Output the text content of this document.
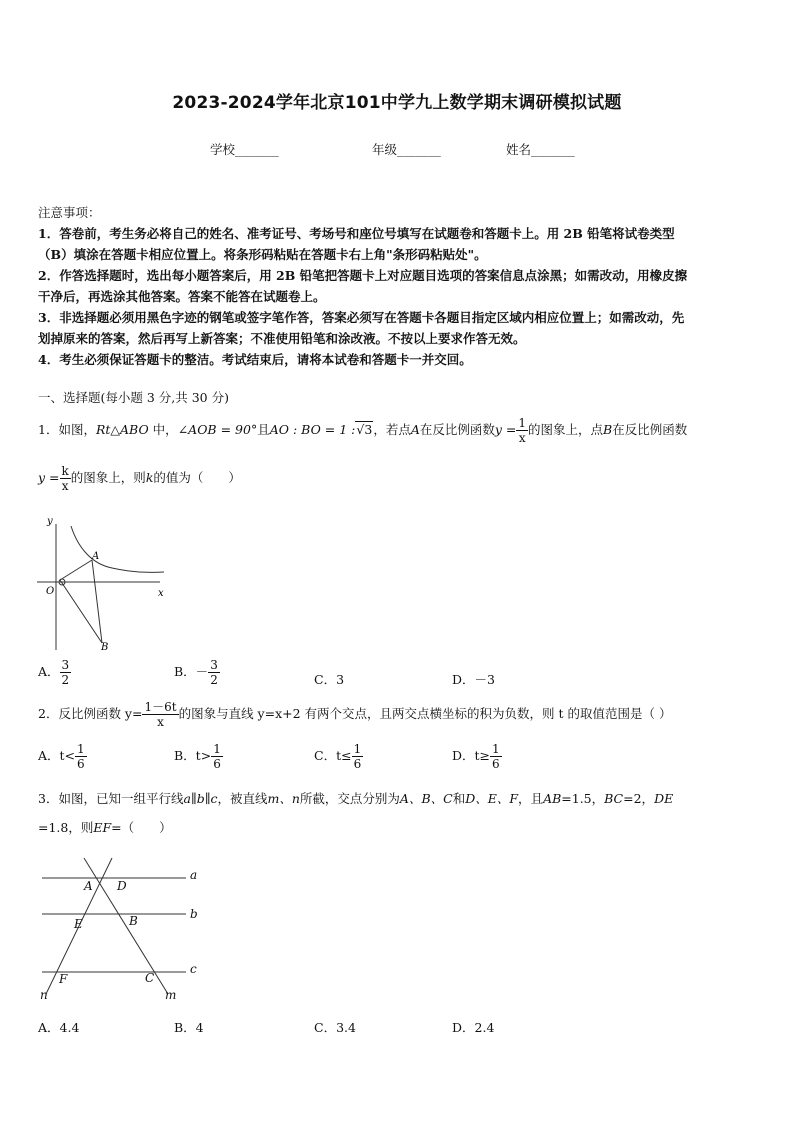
2023-2024学年北京101中学九上数学期末调研模拟试题
学校_______	年级_______	姓名_______
注意事项：
1．答卷前，考生务必将自己的姓名、准考证号、考场号和座位号填写在试题卷和答题卡上。用 2B 铅笔将试卷类型
（B）填涂在答题卡相应位置上。将条形码粘贴在答题卡右上角"条形码粘贴处"。
2．作答选择题时，选出每小题答案后，用 2B 铅笔把答题卡上对应题目选项的答案信息点涂黑；如需改动，用橡皮擦
干净后，再选涂其他答案。答案不能答在试题卷上。
3．非选择题必须用黑色字迹的钢笔或签字笔作答，答案必须写在答题卡各题目指定区域内相应位置上；如需改动，先
划掉原来的答案，然后再写上新答案；不准使用铅笔和涂改液。不按以上要求作答无效。
4．考生必须保证答题卡的整洁。考试结束后，请将本试卷和答题卡一并交回。
一、选择题(每小题 3 分,共 30 分)
1．如图，Rt△ABO 中，∠AOB = 90°且AO : BO = 1 :√3，若点A在反比例函数$y = \frac{1}{x}$ 的图象上，点B在反比例函数
$y = \frac{k}{x}$ 的图象上，则k的值为（　　）
y
x
O
A
B
A． $\frac{3}{2}$	B．－ $\frac{3}{2}$	C．3	D．－3
2．反比例函数 $y= \frac{1-6t}{x}$ 的图象与直线 y=x+2 有两个交点，且两交点横坐标的积为负数，则 t 的取值范围是（ ）
A．$t< \frac{1}{6}$	B．$t> \frac{1}{6}$	C．$t\le \frac{1}{6}$	D．$t\ge \frac{1}{6}$
3．如图，已知一组平行线a∥b∥c，被直线m、n所截，交点分别为A、B、C和D、E、F，且AB=1.5，BC=2，DE
=1.8，则EF=（　　）
a
b
c
A D
E	B
F	C
n	m
A．4.4	B．4	C．3.4	D．2.4
